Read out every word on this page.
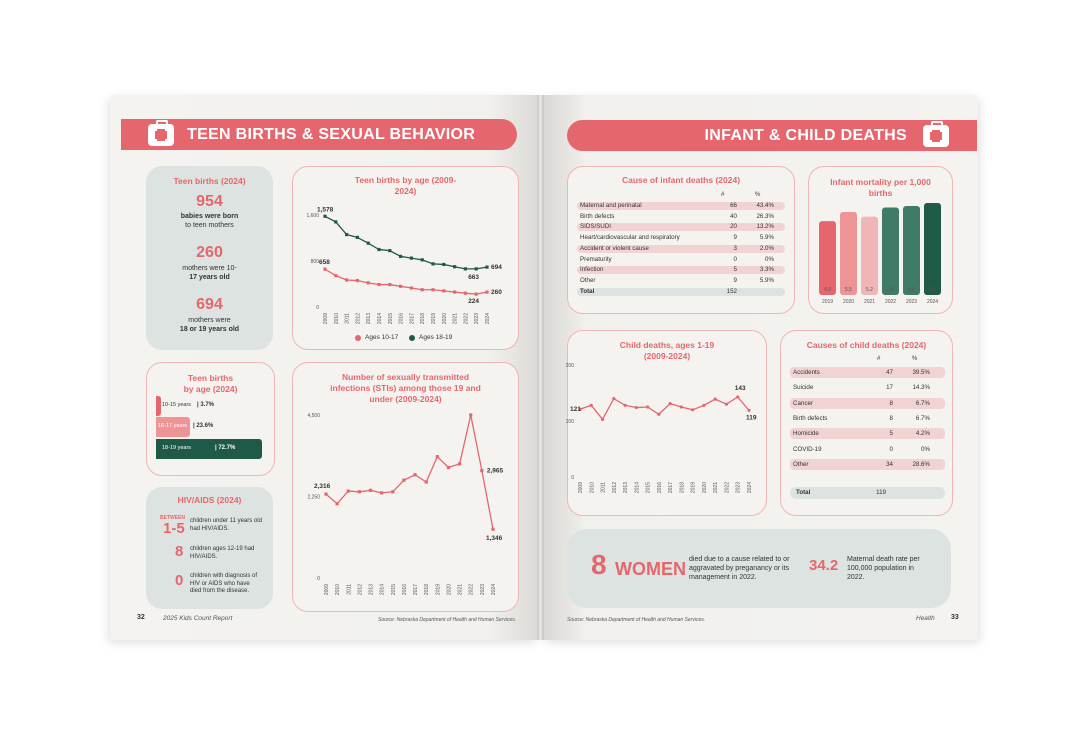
TEEN BIRTHS & SEXUAL BEHAVIOR
Teen births (2024)
954
babies were born
to teen mothers
260
mothers were 10-
17 years old
694
mothers were
18 or 19 years old
Teen births by age (2009-2024)
0
800
1,600
2009 2010 2011 2012 2013 2014 2015 2016 2017 2018 2019 2020 2021 2022 2023 2024
1,578
658
663
694
224
260
Ages 10-17	Ages 18-19
Teen births
by age (2024)
10-15 years | 3.7%
16-17 years | 23.6%
18-19 years	| 72.7%
Number of sexually transmitted infections (STIs) among those 19 and under (2009-2024)
0
2,250
4,500
2009 2010 2011 2012 2013 2014 2015 2016 2017 2018 2019 2020 2021 2022 2023 2024
2,316
2,965
1,346
HIV/AIDS (2024)
BETWEEN
1-5 children under 11 years old had HIV/AIDS.
8 children ages 12-19 had HIV/AIDS.
0 children with diagnosis of HIV or AIDS who have died from the disease.
32	2025 Kids Count Report	Source: Nebraska Department of Health and Human Services.
INFANT & CHILD DEATHS
Cause of infant deaths (2024)
#	%
Maternal and perinatal	66	43.4%
Birth defects	40	26.3%
SIDS/SUDI	20	13.2%
Heart/cardiovascular and respiratory	9	5.9%
Accident or violent cause	3	2.0%
Prematurity	0	0%
Infection	5	3.3%
Other	9	5.9%
Total	152
Infant mortality per 1,000 births
4.9
2019
5.5
2020
5.2
2021
5.8
2022
5.9
2023
6.1
2024
Child deaths, ages 1-19 (2009-2024)
0
100
200
2009 2010 2011 2012 2013 2014 2015 2016 2017 2018 2019 2020 2021 2022 2023 2024
121
143
119
Causes of child deaths (2024)
#	%
Accidents	47	39.5%
Suicide	17	14.3%
Cancer	8	6.7%
Birth defects	8	6.7%
Homicide	5	4.2%
COVID-19	0	0%
Other	34	28.6%
Total	119
8 WOMEN died due to a cause related to or aggravated by preganancy or its management in 2022.
34.2 Maternal death rate per 100,000 population in 2022.
Source: Nebraska Department of Health and Human Services.	Health 33
